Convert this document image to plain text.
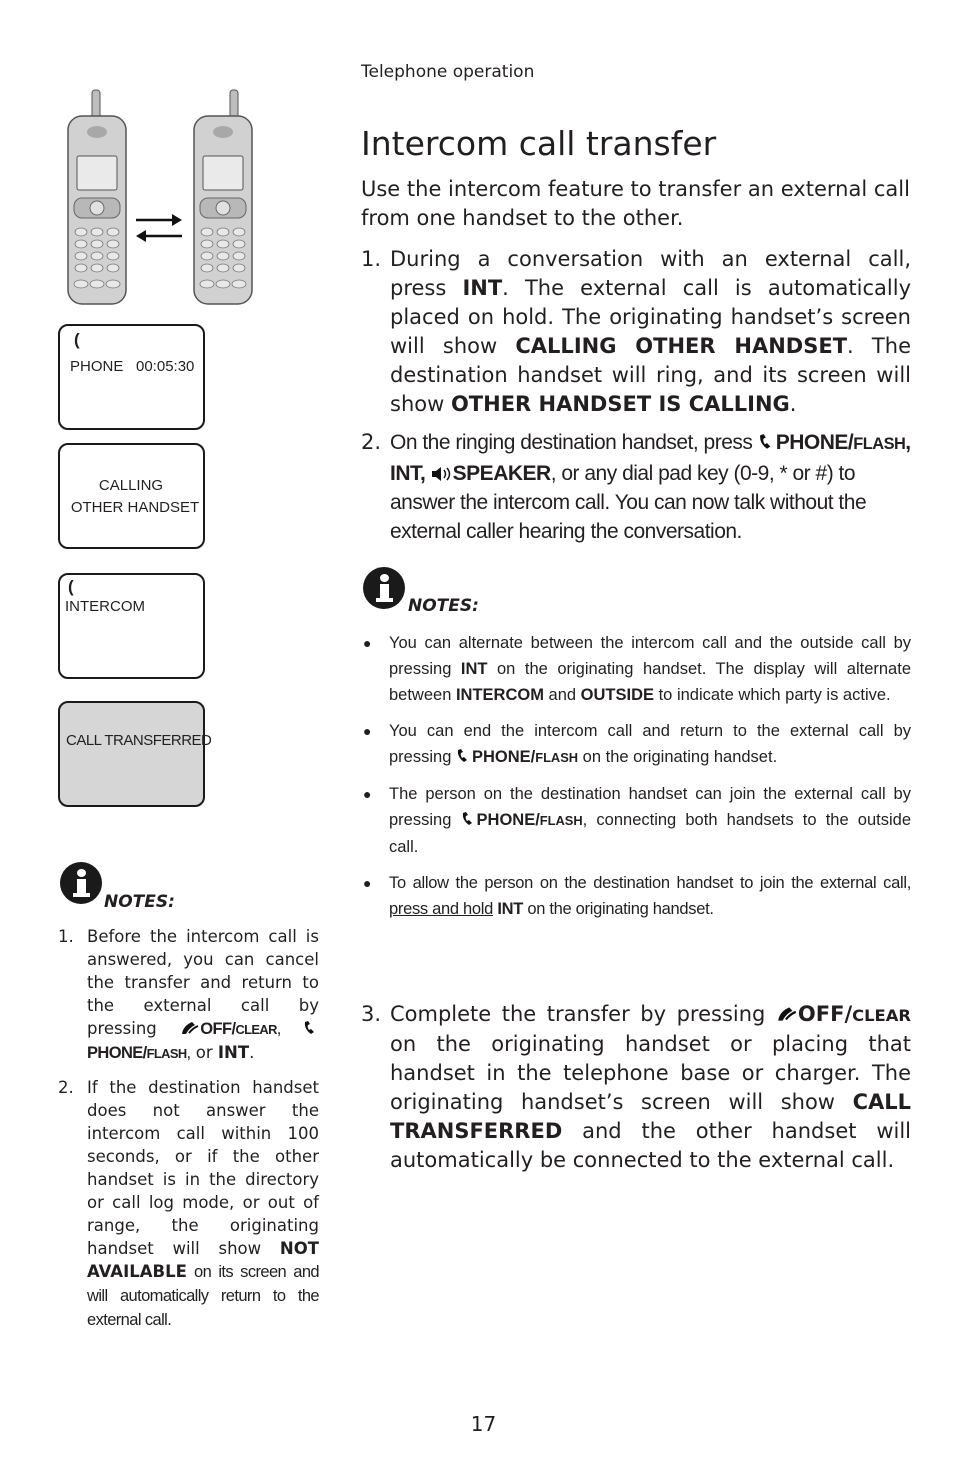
(
PHONE 00:05:30
CALLING
OTHER HANDSET
(
INTERCOM
CALL TRANSFERRED
NOTES:
1. Before the intercom call is answered, you can cancel the transfer and return to the external call by pressing OFF/CLEAR, PHONE/FLASH, or INT.
2. If the destination handset does not answer the intercom call within 100 seconds, or if the other handset is in the directory or call log mode, or out of range, the originating handset will show NOT AVAILABLE on its screen and will automatically return to the external call.
Telephone operation
Intercom call transfer
Use the intercom feature to transfer an external call from one handset to the other.
1. During a conversation with an external call, press INT. The external call is automatically placed on hold. The originating handset’s screen will show CALLING OTHER HANDSET. The destination handset will ring, and its screen will show OTHER HANDSET IS CALLING.
2. On the ringing destination handset, press PHONE/FLASH,
INT, SPEAKER, or any dial pad key (0-9, * or #) to answer the intercom call. You can now talk without the external caller hearing the conversation.
NOTES:
● You can alternate between the intercom call and the outside call by pressing INT on the originating handset. The display will alternate between INTERCOM and OUTSIDE to indicate which party is active.
● You can end the intercom call and return to the external call by pressing PHONE/FLASH on the originating handset.
● The person on the destination handset can join the external call by pressing PHONE/FLASH, connecting both handsets to the outside call.
● To allow the person on the destination handset to join the external call, press and hold INT on the originating handset.
3. Complete the transfer by pressing OFF/CLEAR on the originating handset or placing that handset in the telephone base or charger. The originating handset’s screen will show CALL TRANSFERRED and the other handset will automatically be connected to the external call.
17
